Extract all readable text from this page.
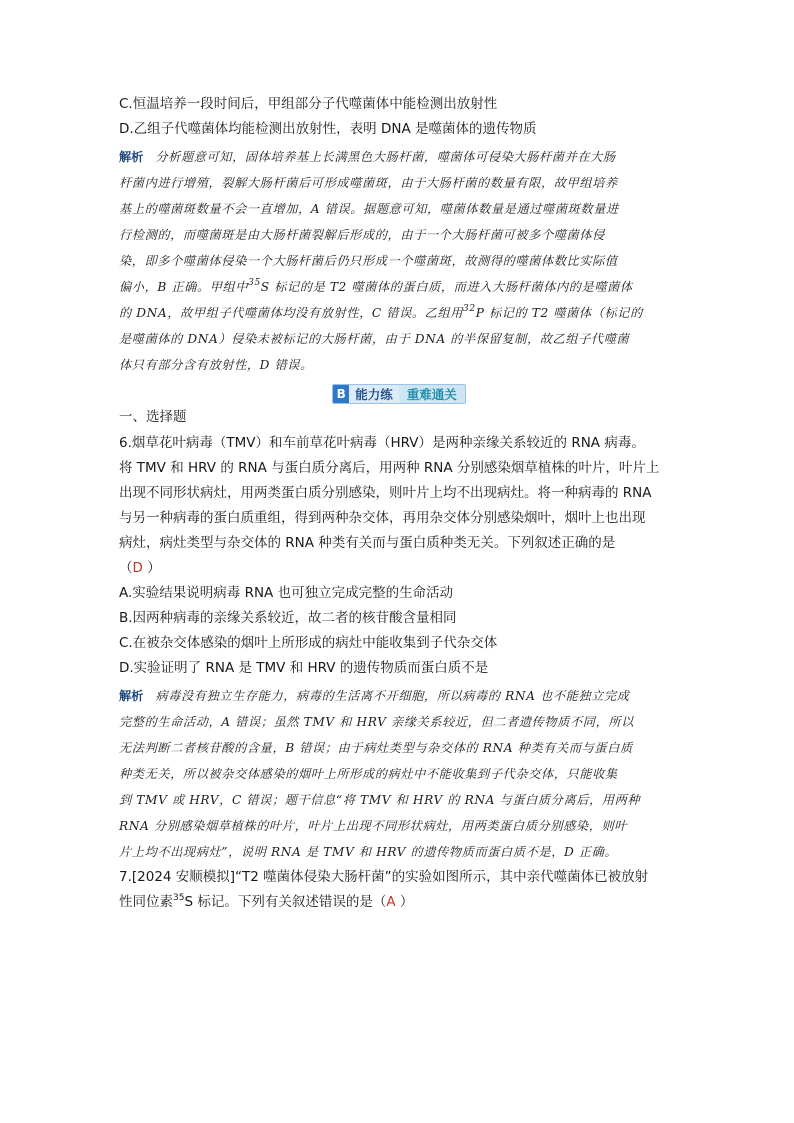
C.恒温培养一段时间后，甲组部分子代噬菌体中能检测出放射性
D.乙组子代噬菌体均能检测出放射性，表明 DNA 是噬菌体的遗传物质
解析 分析题意可知，固体培养基上长满黑色大肠杆菌，噬菌体可侵染大肠杆菌并在大肠
杆菌内进行增殖，裂解大肠杆菌后可形成噬菌斑，由于大肠杆菌的数量有限，故甲组培养
基上的噬菌斑数量不会一直增加，A 错误。据题意可知，噬菌体数量是通过噬菌斑数量进
行检测的，而噬菌斑是由大肠杆菌裂解后形成的，由于一个大肠杆菌可被多个噬菌体侵
染，即多个噬菌体侵染一个大肠杆菌后仍只形成一个噬菌斑，故测得的噬菌体数比实际值
偏小，B 正确。甲组中$^{35}$S 标记的是 T2 噬菌体的蛋白质，而进入大肠杆菌体内的是噬菌体
的 DNA，故甲组子代噬菌体均没有放射性，C 错误。乙组用$^{32}$P 标记的 T2 噬菌体（标记的
是噬菌体的 DNA）侵染未被标记的大肠杆菌，由于 DNA 的半保留复制，故乙组子代噬菌
体只有部分含有放射性，D 错误。
B 能力练	重难通关
一、选择题
6.烟草花叶病毒（TMV）和车前草花叶病毒（HRV）是两种亲缘关系较近的 RNA 病毒。
将 TMV 和 HRV 的 RNA 与蛋白质分离后，用两种 RNA 分别感染烟草植株的叶片，叶片上
出现不同形状病灶，用两类蛋白质分别感染，则叶片上均不出现病灶。将一种病毒的 RNA
与另一种病毒的蛋白质重组，得到两种杂交体，再用杂交体分别感染烟叶，烟叶上也出现
病灶，病灶类型与杂交体的 RNA 种类有关而与蛋白质种类无关。下列叙述正确的是
（D ）
A.实验结果说明病毒 RNA 也可独立完成完整的生命活动
B.因两种病毒的亲缘关系较近，故二者的核苷酸含量相同
C.在被杂交体感染的烟叶上所形成的病灶中能收集到子代杂交体
D.实验证明了 RNA 是 TMV 和 HRV 的遗传物质而蛋白质不是
解析 病毒没有独立生存能力，病毒的生活离不开细胞，所以病毒的 RNA 也不能独立完成
完整的生命活动，A 错误；虽然 TMV 和 HRV 亲缘关系较近，但二者遗传物质不同，所以
无法判断二者核苷酸的含量，B 错误；由于病灶类型与杂交体的 RNA 种类有关而与蛋白质
种类无关，所以被杂交体感染的烟叶上所形成的病灶中不能收集到子代杂交体，只能收集
到 TMV 或 HRV，C 错误；题干信息“将 TMV 和 HRV 的 RNA 与蛋白质分离后，用两种
RNA 分别感染烟草植株的叶片，叶片上出现不同形状病灶，用两类蛋白质分别感染，则叶
片上均不出现病灶”，说明 RNA 是 TMV 和 HRV 的遗传物质而蛋白质不是，D 正确。
7.[2024 安顺模拟]“T2 噬菌体侵染大肠杆菌”的实验如图所示，其中亲代噬菌体已被放射
性同位素$^{35}$S 标记。下列有关叙述错误的是（A ）
